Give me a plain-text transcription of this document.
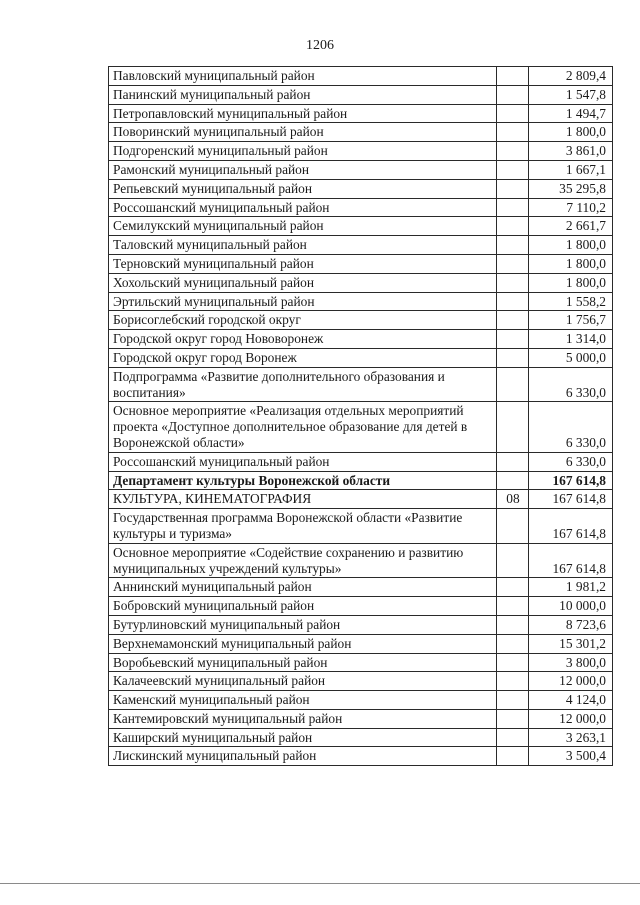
1206
Павловский муниципальный район		2 809,4
Панинский муниципальный район		1 547,8
Петропавловский муниципальный район		1 494,7
Поворинский муниципальный район		1 800,0
Подгоренский муниципальный район		3 861,0
Рамонский муниципальный район		1 667,1
Репьевский муниципальный район		35 295,8
Россошанский муниципальный район		7 110,2
Семилукский муниципальный район		2 661,7
Таловский муниципальный район		1 800,0
Терновский муниципальный район		1 800,0
Хохольский муниципальный район		1 800,0
Эртильский муниципальный район		1 558,2
Борисоглебский городской округ		1 756,7
Городской округ город Нововоронеж		1 314,0
Городской округ город Воронеж		5 000,0
Подпрограмма «Развитие дополнительного образования и воспитания»		6 330,0
Основное мероприятие «Реализация отдельных мероприятий проекта «Доступное дополнительное образование для детей в Воронежской области»		6 330,0
Россошанский муниципальный район		6 330,0
Департамент культуры Воронежской области		167 614,8
КУЛЬТУРА, КИНЕМАТОГРАФИЯ	08	167 614,8
Государственная программа Воронежской области «Развитие культуры и туризма»		167 614,8
Основное мероприятие «Содействие сохранению и развитию муниципальных учреждений культуры»		167 614,8
Аннинский муниципальный район		1 981,2
Бобровский муниципальный район		10 000,0
Бутурлиновский муниципальный район		8 723,6
Верхнемамонский муниципальный район		15 301,2
Воробьевский муниципальный район		3 800,0
Калачеевский муниципальный район		12 000,0
Каменский муниципальный район		4 124,0
Кантемировский муниципальный район		12 000,0
Каширский муниципальный район		3 263,1
Лискинский муниципальный район		3 500,4
